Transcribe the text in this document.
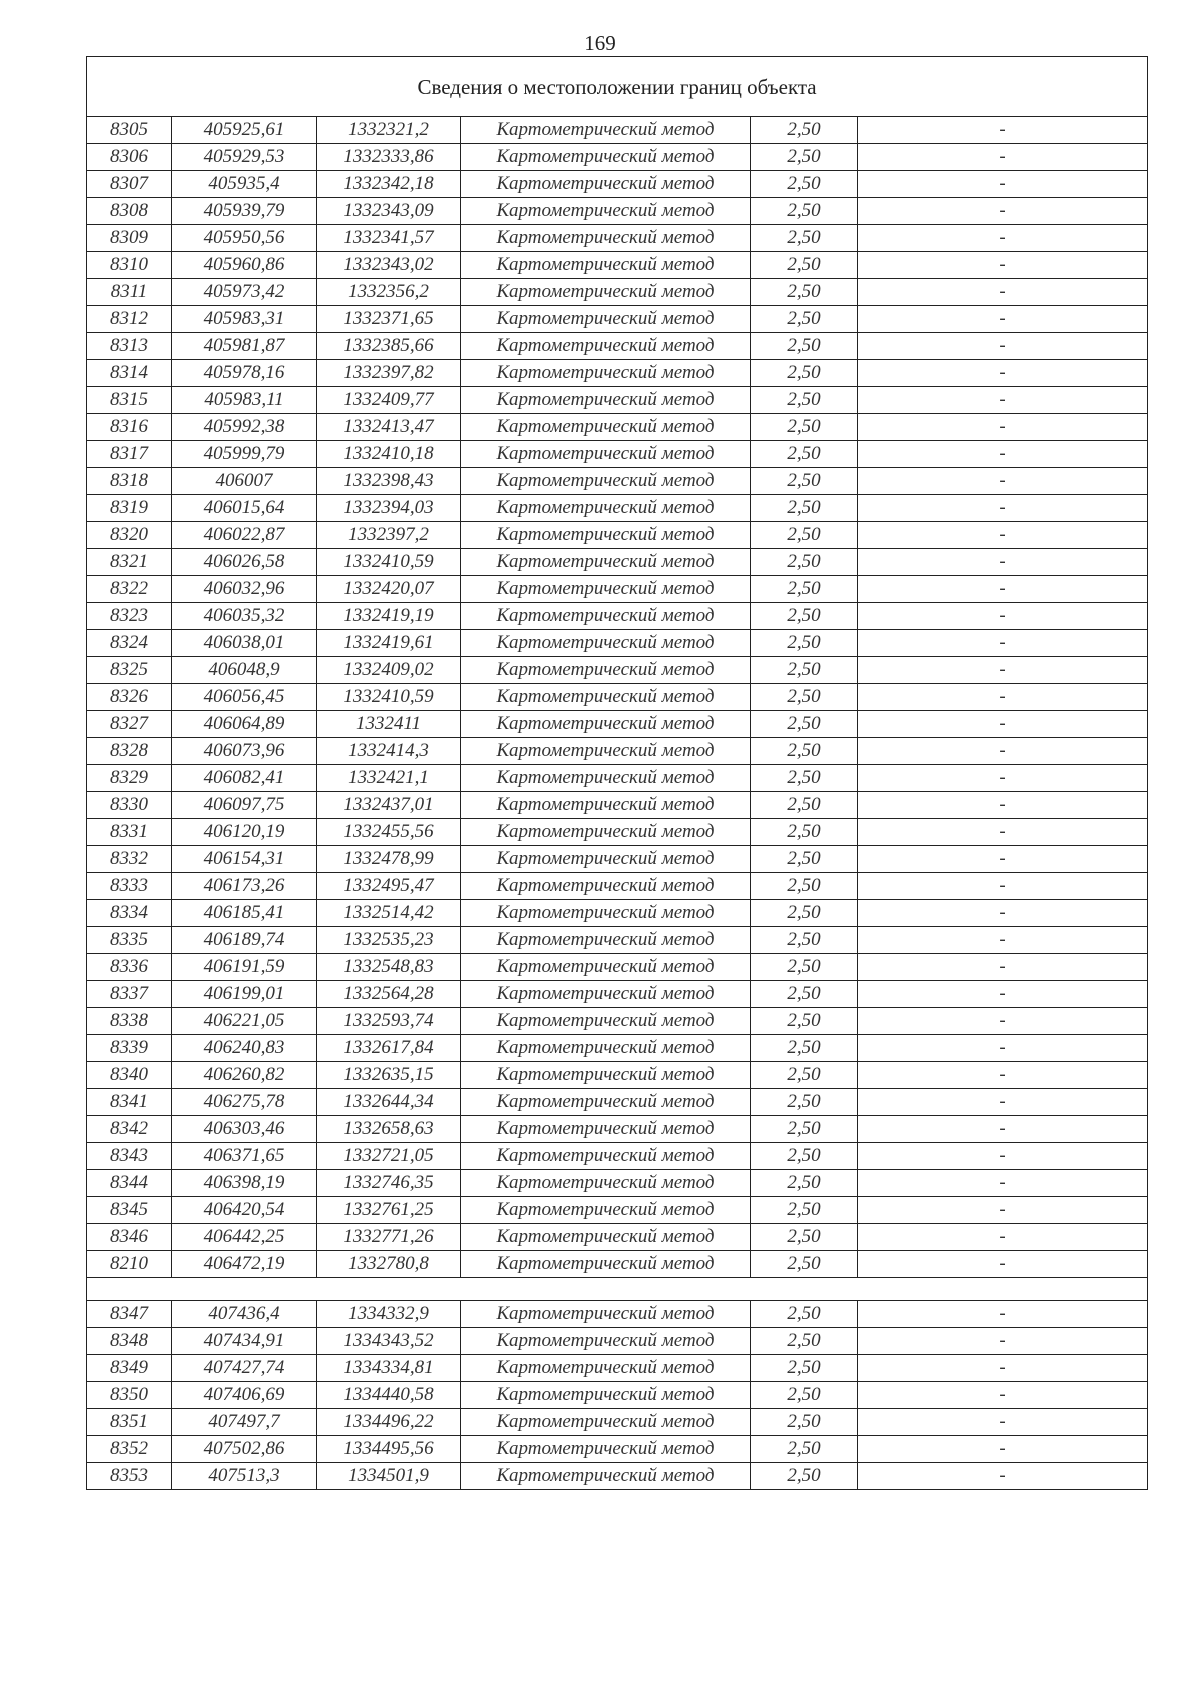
169
Сведения о местоположении границ объекта					
8305	405925,61	1332321,2	Картометрический метод	2,50	-
8306	405929,53	1332333,86	Картометрический метод	2,50	-
8307	405935,4	1332342,18	Картометрический метод	2,50	-
8308	405939,79	1332343,09	Картометрический метод	2,50	-
8309	405950,56	1332341,57	Картометрический метод	2,50	-
8310	405960,86	1332343,02	Картометрический метод	2,50	-
8311	405973,42	1332356,2	Картометрический метод	2,50	-
8312	405983,31	1332371,65	Картометрический метод	2,50	-
8313	405981,87	1332385,66	Картометрический метод	2,50	-
8314	405978,16	1332397,82	Картометрический метод	2,50	-
8315	405983,11	1332409,77	Картометрический метод	2,50	-
8316	405992,38	1332413,47	Картометрический метод	2,50	-
8317	405999,79	1332410,18	Картометрический метод	2,50	-
8318	406007	1332398,43	Картометрический метод	2,50	-
8319	406015,64	1332394,03	Картометрический метод	2,50	-
8320	406022,87	1332397,2	Картометрический метод	2,50	-
8321	406026,58	1332410,59	Картометрический метод	2,50	-
8322	406032,96	1332420,07	Картометрический метод	2,50	-
8323	406035,32	1332419,19	Картометрический метод	2,50	-
8324	406038,01	1332419,61	Картометрический метод	2,50	-
8325	406048,9	1332409,02	Картометрический метод	2,50	-
8326	406056,45	1332410,59	Картометрический метод	2,50	-
8327	406064,89	1332411	Картометрический метод	2,50	-
8328	406073,96	1332414,3	Картометрический метод	2,50	-
8329	406082,41	1332421,1	Картометрический метод	2,50	-
8330	406097,75	1332437,01	Картометрический метод	2,50	-
8331	406120,19	1332455,56	Картометрический метод	2,50	-
8332	406154,31	1332478,99	Картометрический метод	2,50	-
8333	406173,26	1332495,47	Картометрический метод	2,50	-
8334	406185,41	1332514,42	Картометрический метод	2,50	-
8335	406189,74	1332535,23	Картометрический метод	2,50	-
8336	406191,59	1332548,83	Картометрический метод	2,50	-
8337	406199,01	1332564,28	Картометрический метод	2,50	-
8338	406221,05	1332593,74	Картометрический метод	2,50	-
8339	406240,83	1332617,84	Картометрический метод	2,50	-
8340	406260,82	1332635,15	Картометрический метод	2,50	-
8341	406275,78	1332644,34	Картометрический метод	2,50	-
8342	406303,46	1332658,63	Картометрический метод	2,50	-
8343	406371,65	1332721,05	Картометрический метод	2,50	-
8344	406398,19	1332746,35	Картометрический метод	2,50	-
8345	406420,54	1332761,25	Картометрический метод	2,50	-
8346	406442,25	1332771,26	Картометрический метод	2,50	-
8210	406472,19	1332780,8	Картометрический метод	2,50	-

8347	407436,4	1334332,9	Картометрический метод	2,50	-
8348	407434,91	1334343,52	Картометрический метод	2,50	-
8349	407427,74	1334334,81	Картометрический метод	2,50	-
8350	407406,69	1334440,58	Картометрический метод	2,50	-
8351	407497,7	1334496,22	Картометрический метод	2,50	-
8352	407502,86	1334495,56	Картометрический метод	2,50	-
8353	407513,3	1334501,9	Картометрический метод	2,50	-
